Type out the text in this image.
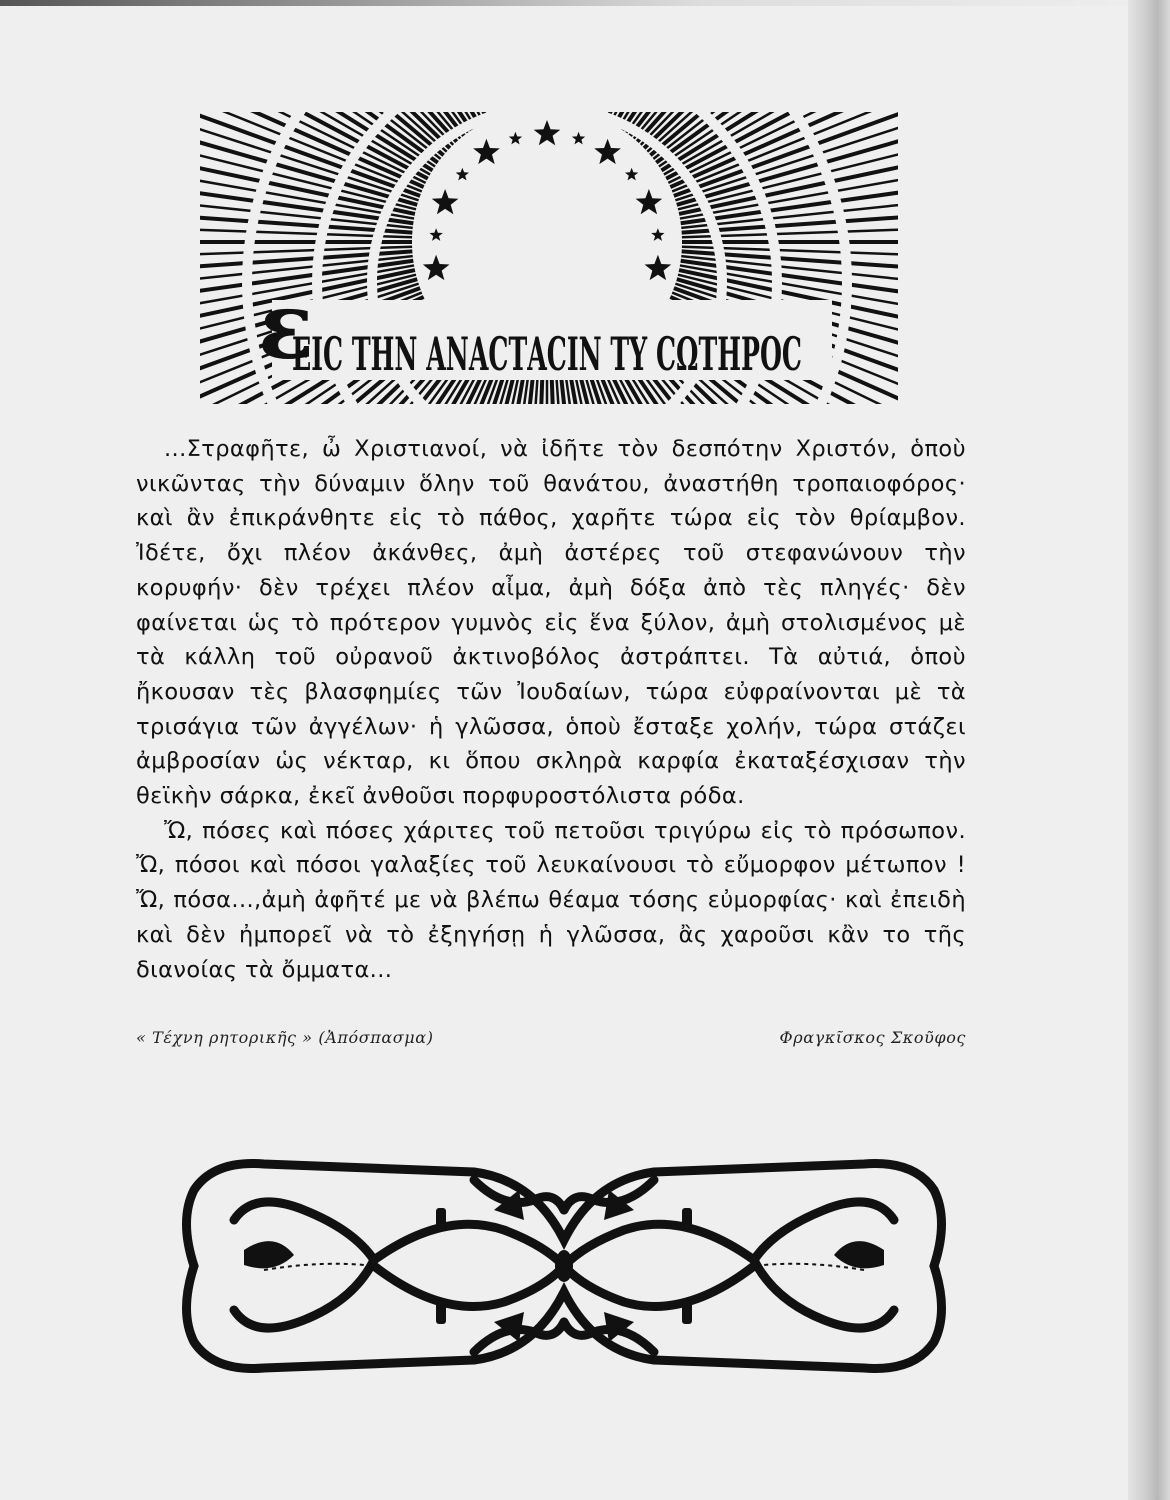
ε
ΕΙϹ ΤΗΝ ΑΝΑϹΤΑϹΙΝ ΤΥ ϹΩΤΗΡΟϹ

...Στραφῆτε, ὦ Χριστιανοί, νὰ ἰδῆτε τὸν δεσπότην Χριστόν, ὁποὺ νικῶντας τὴν δύναμιν ὅλην τοῦ θανάτου, ἀναστήθη τροπαιοφόρος· καὶ ἂν ἐπικράνθητε εἰς τὸ πάθος, χαρῆτε τώρα εἰς τὸν θρίαμβον. Ἰδέτε, ὄχι πλέον ἀκάνθες, ἀμὴ ἀστέρες τοῦ στεφανώνουν τὴν κορυφήν· δὲν τρέχει πλέον αἶμα, ἀμὴ δόξα ἀπὸ τὲς πληγές· δὲν φαίνεται ὡς τὸ πρότερον γυμνὸς εἰς ἕνα ξύλον, ἀμὴ στολισμένος μὲ τὰ κάλλη τοῦ οὐρανοῦ ἀκτινοβόλος ἀστράπτει. Τὰ αὐτιά, ὁποὺ ἤκουσαν τὲς βλασφημίες τῶν Ἰουδαίων, τώρα εὐφραίνονται μὲ τὰ τρισάγια τῶν ἀγγέλων· ἡ γλῶσσα, ὁποὺ ἔσταξε χολήν, τώρα στάζει ἀμβροσίαν ὡς νέκταρ, κι ὅπου σκληρὰ καρφία ἐκαταξέσχισαν τὴν θεϊκὴν σάρκα, ἐκεῖ ἀνθοῦσι πορφυροστόλιστα ρόδα.

Ὤ, πόσες καὶ πόσες χάριτες τοῦ πετοῦσι τριγύρω εἰς τὸ πρόσωπον. Ὤ, πόσοι καὶ πόσοι γαλαξίες τοῦ λευκαίνουσι τὸ εὔμορφον μέτωπον ! Ὤ, πόσα...,ἀμὴ ἀφῆτέ με νὰ βλέπω θέαμα τόσης εὐμορφίας· καὶ ἐπειδὴ καὶ δὲν ἠμπορεῖ νὰ τὸ ἐξηγήσῃ ἡ γλῶσσα, ἂς χαροῦσι κἂν το τῆς διανοίας τὰ ὄμματα...

« Τέχνη ρητορικῆς » (Ἀπόσπασμα)	Φραγκῖσκος Σκοῦφος
